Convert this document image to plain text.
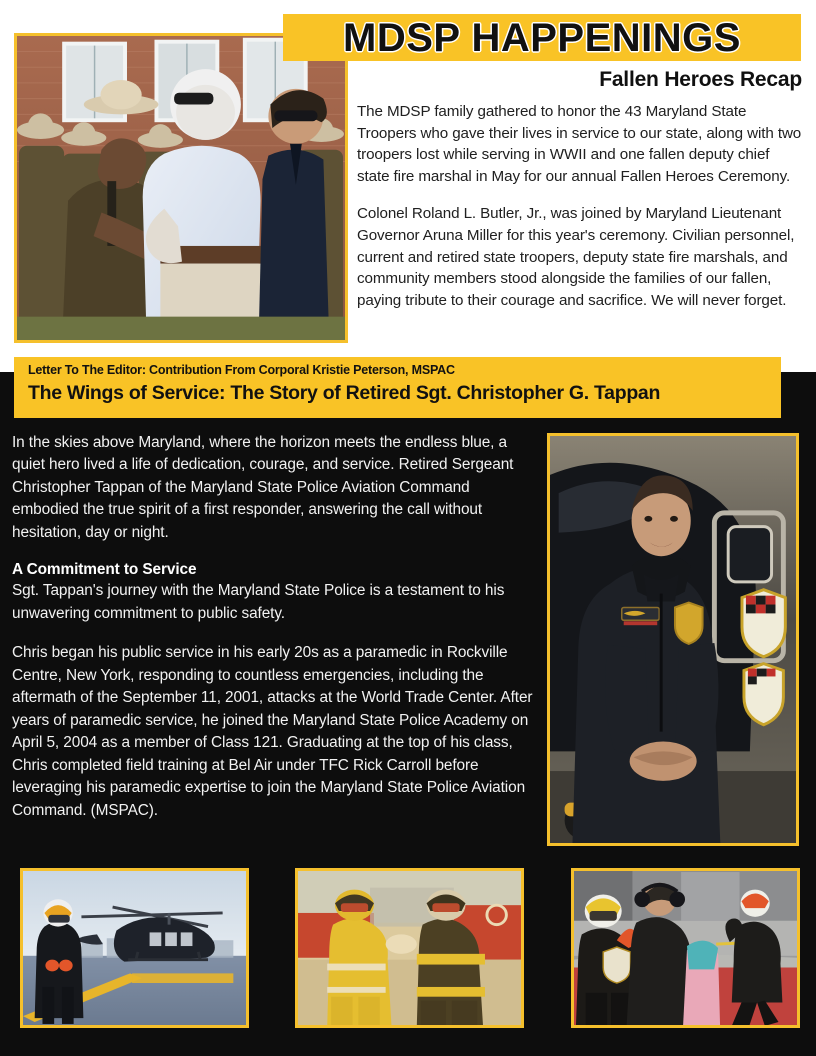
MDSP HAPPENINGS
Fallen Heroes Recap

The MDSP family gathered to honor the 43 Maryland State Troopers who gave their lives in service to our state, along with two troopers lost while serving in WWII and one fallen deputy chief state fire marshal in May for our annual Fallen Heroes Ceremony.

Colonel Roland L. Butler, Jr., was joined by Maryland Lieutenant Governor Aruna Miller for this year's ceremony. Civilian personnel, current and retired state troopers, deputy state fire marshals, and community members stood alongside the families of our fallen, paying tribute to their courage and sacrifice. We will never forget.

Letter To The Editor: Contribution From Corporal Kristie Peterson, MSPAC

The Wings of Service: The Story of Retired Sgt. Christopher G. Tappan

In the skies above Maryland, where the horizon meets the endless blue, a quiet hero lived a life of dedication, courage, and service. Retired Sergeant Christopher Tappan of the Maryland State Police Aviation Command embodied the true spirit of a first responder, answering the call without hesitation, day or night.

A Commitment to Service

Sgt. Tappan's journey with the Maryland State Police is a testament to his unwavering commitment to public safety.

Chris began his public service in his early 20s as a paramedic in Rockville Centre, New York, responding to countless emergencies, including the aftermath of the September 11, 2001, attacks at the World Trade Center. After years of paramedic service, he joined the Maryland State Police Academy on April 5, 2004 as a member of Class 121. Graduating at the top of his class, Chris completed field training at Bel Air under TFC Rick Carroll before leveraging his paramedic expertise to join the Maryland State Police Aviation Command. (MSPAC).
